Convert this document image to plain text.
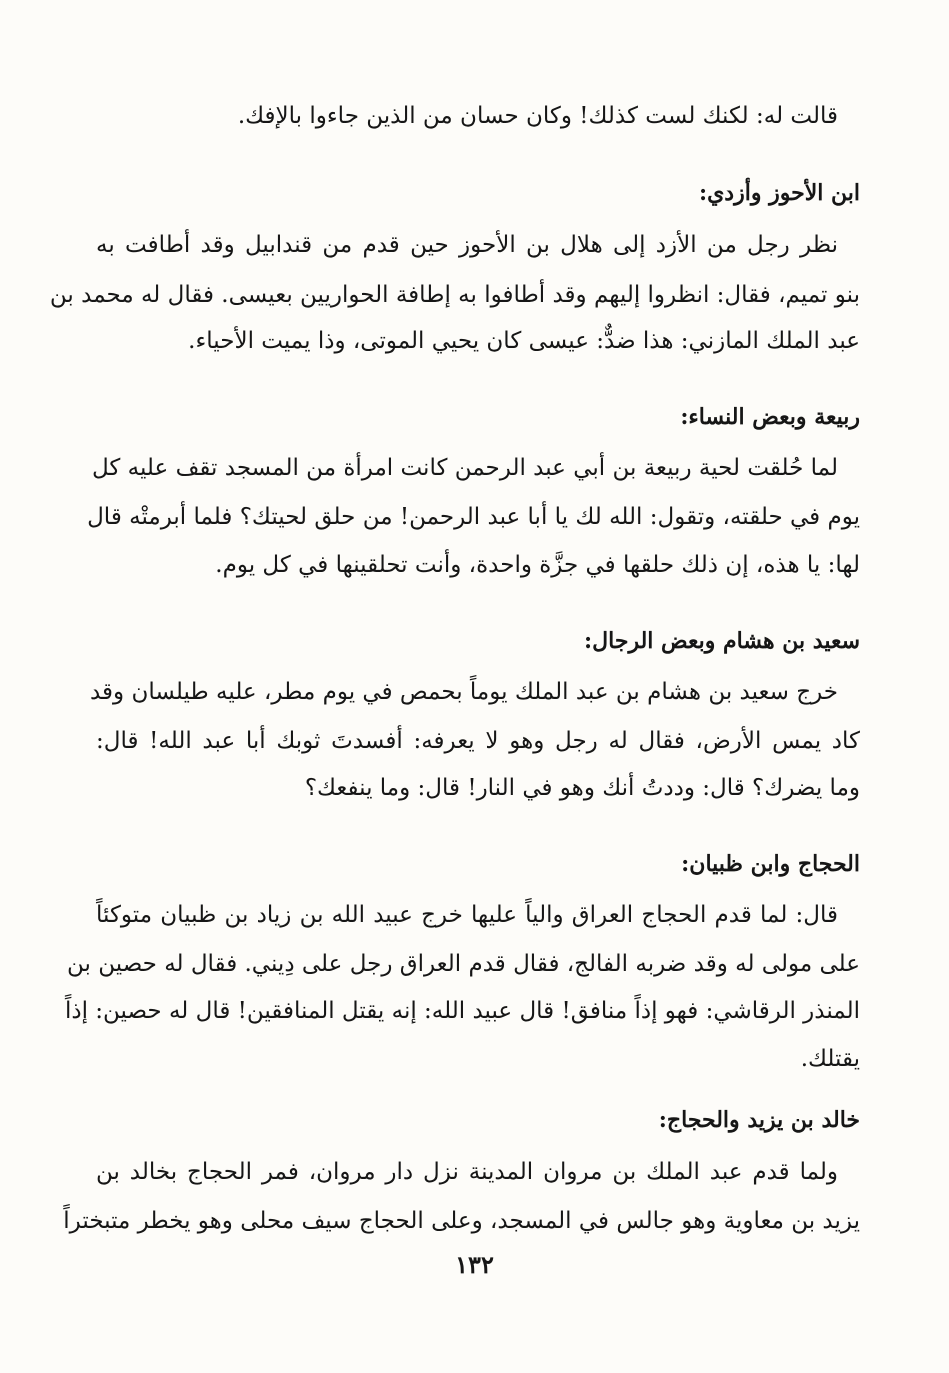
قالت له: لكنك لست كذلك! وكان حسان من الذين جاءوا بالإفك.
ابن الأحوز وأزدي:
نظر رجل من الأزد إلى هلال بن الأحوز حين قدم من قندابيل وقد أطافت به
بنو تميم، فقال: انظروا إليهم وقد أطافوا به إطافة الحواريين بعيسى. فقال له محمد بن
عبد الملك المازني: هذا ضدٌّ: عيسى كان يحيي الموتى، وذا يميت الأحياء.
ربيعة وبعض النساء:
لما حُلقت لحية ربيعة بن أبي عبد الرحمن كانت امرأة من المسجد تقف عليه كل
يوم في حلقته، وتقول: الله لك يا أبا عبد الرحمن! من حلق لحيتك؟ فلما أبرمتْه قال
لها: يا هذه، إن ذلك حلقها في جزَّة واحدة، وأنت تحلقينها في كل يوم.
سعيد بن هشام وبعض الرجال:
خرج سعيد بن هشام بن عبد الملك يوماً بحمص في يوم مطر، عليه طيلسان وقد
كاد يمس الأرض، فقال له رجل وهو لا يعرفه: أفسدتَ ثوبك أبا عبد الله! قال:
وما يضرك؟ قال: وددتُ أنك وهو في النار! قال: وما ينفعك؟
الحجاج وابن ظبيان:
قال: لما قدم الحجاج العراق والياً عليها خرج عبيد الله بن زياد بن ظبيان متوكئاً
على مولى له وقد ضربه الفالج، فقال قدم العراق رجل على دِيني. فقال له حصين بن
المنذر الرقاشي: فهو إذاً منافق! قال عبيد الله: إنه يقتل المنافقين! قال له حصين: إذاً
يقتلك.
خالد بن يزيد والحجاج:
ولما قدم عبد الملك بن مروان المدينة نزل دار مروان، فمر الحجاج بخالد بن
يزيد بن معاوية وهو جالس في المسجد، وعلى الحجاج سيف محلى وهو يخطر متبختراً
١٣٢
